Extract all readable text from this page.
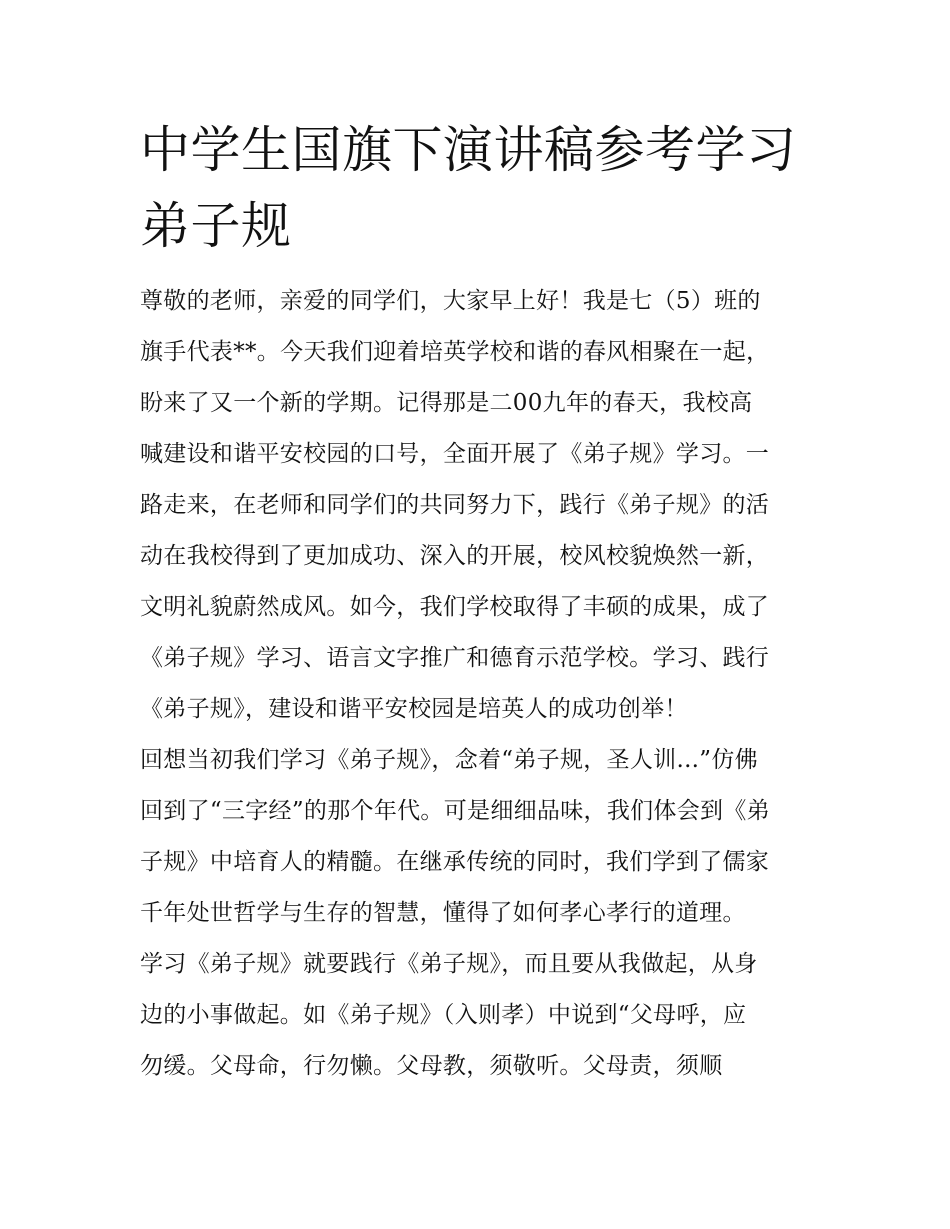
中学生国旗下演讲稿参考学习
弟子规
尊敬的老师，亲爱的同学们，大家早上好！我是七（5）班的
旗手代表**。今天我们迎着培英学校和谐的春风相聚在一起，
盼来了又一个新的学期。记得那是二00九年的春天，我校高
喊建设和谐平安校园的口号，全面开展了《弟子规》学习。一
路走来，在老师和同学们的共同努力下，践行《弟子规》的活
动在我校得到了更加成功、深入的开展，校风校貌焕然一新，
文明礼貌蔚然成风。如今，我们学校取得了丰硕的成果，成了
《弟子规》学习、语言文字推广和德育示范学校。学习、践行
《弟子规》，建设和谐平安校园是培英人的成功创举！
回想当初我们学习《弟子规》，念着“弟子规，圣人训...”仿佛
回到了“三字经”的那个年代。可是细细品味，我们体会到《弟
子规》中培育人的精髓。在继承传统的同时，我们学到了儒家
千年处世哲学与生存的智慧，懂得了如何孝心孝行的道理。
学习《弟子规》就要践行《弟子规》，而且要从我做起，从身
边的小事做起。如《弟子规》（入则孝）中说到“父母呼，应
勿缓。父母命，行勿懒。父母教，须敬听。父母责，须顺
